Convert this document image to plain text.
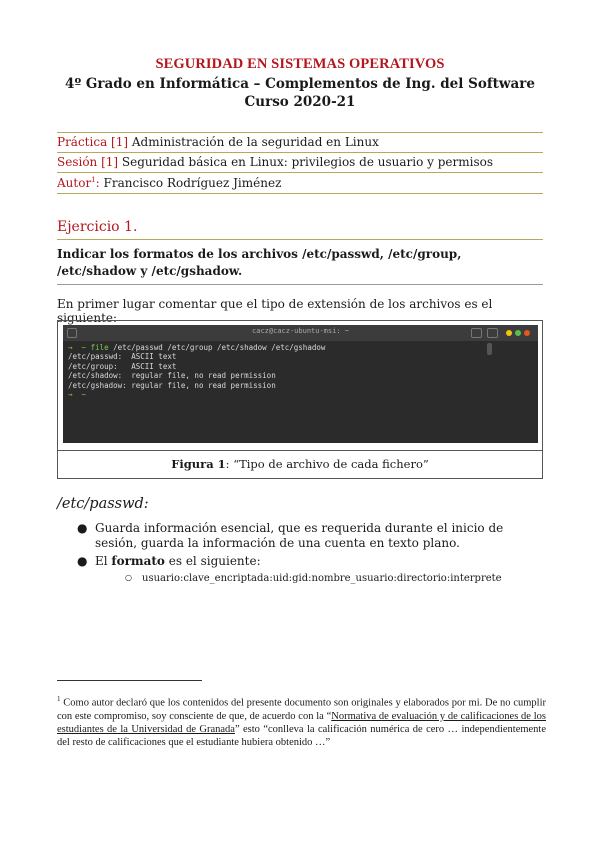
SEGURIDAD EN SISTEMAS OPERATIVOS
4º Grado en Informática – Complementos de Ing. del Software
Curso 2020-21
Práctica [1] Administración de la seguridad en Linux
Sesión [1] Seguridad básica en Linux: privilegios de usuario y permisos
Autor$^1$: Francisco Rodríguez Jiménez
Ejercicio 1.
Indicar los formatos de los archivos /etc/passwd, /etc/group, /etc/shadow y /etc/gshadow.
En primer lugar comentar que el tipo de extensión de los archivos es el siguiente:
cacz@cacz-ubuntu-msi: ~
→  ~ file /etc/passwd /etc/group /etc/shadow /etc/gshadow
/etc/passwd:  ASCII text
/etc/group:   ASCII text
/etc/shadow:  regular file, no read permission
/etc/gshadow: regular file, no read permission
→  ~
Figura 1: “Tipo de archivo de cada fichero”
/etc/passwd:
● Guarda información esencial, que es requerida durante el inicio de sesión, guarda la información de una cuenta en texto plano.
● El formato es el siguiente:
○ usuario:clave_encriptada:uid:gid:nombre_usuario:directorio:interprete
$^1$ Como autor declaró que los contenidos del presente documento son originales y elaborados por mi. De no cumplir con este compromiso, soy consciente de que, de acuerdo con la “Normativa de evaluación y de calificaciones de los estudiantes de la Universidad de Granada” esto “conlleva la calificación numérica de cero … independientemente del resto de calificaciones que el estudiante hubiera obtenido …”
